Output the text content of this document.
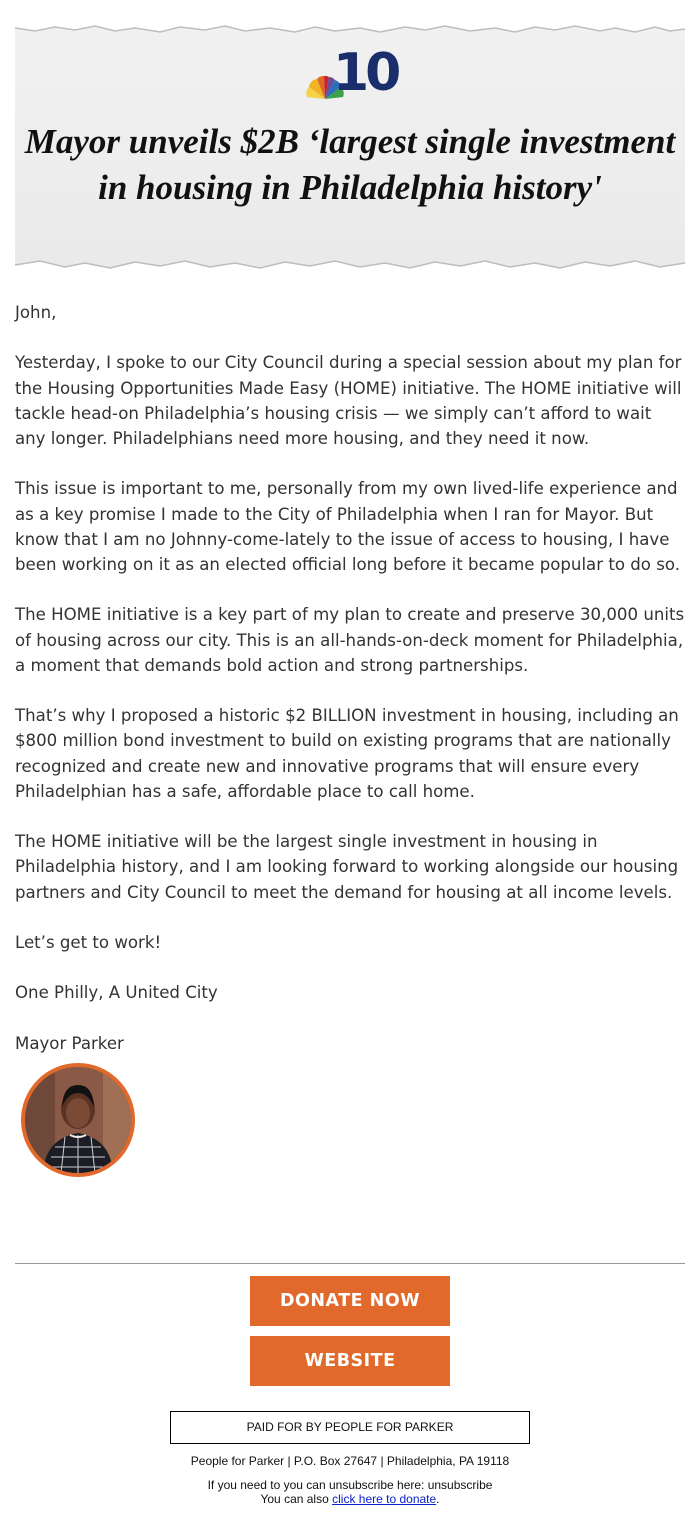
10
Mayor unveils $2B ‘largest single investment in housing in Philadelphia history'

John,

Yesterday, I spoke to our City Council during a special session about my plan for the Housing Opportunities Made Easy (HOME) initiative. The HOME initiative will tackle head-on Philadelphia’s housing crisis — we simply can’t afford to wait any longer. Philadelphians need more housing, and they need it now.

This issue is important to me, personally from my own lived-life experience and as a key promise I made to the City of Philadelphia when I ran for Mayor. But know that I am no Johnny-come-lately to the issue of access to housing, I have been working on it as an elected official long before it became popular to do so.

The HOME initiative is a key part of my plan to create and preserve 30,000 units of housing across our city. This is an all-hands-on-deck moment for Philadelphia, a moment that demands bold action and strong partnerships.

That’s why I proposed a historic $2 BILLION investment in housing, including an $800 million bond investment to build on existing programs that are nationally recognized and create new and innovative programs that will ensure every Philadelphian has a safe, affordable place to call home.

The HOME initiative will be the largest single investment in housing in Philadelphia history, and I am looking forward to working alongside our housing partners and City Council to meet the demand for housing at all income levels.

Let’s get to work!

One Philly, A United City

Mayor Parker

DONATE NOW
WEBSITE
PAID FOR BY PEOPLE FOR PARKER
People for Parker | P.O. Box 27647 | Philadelphia, PA 19118
If you need to you can unsubscribe here: unsubscribe
You can also click here to donate.
